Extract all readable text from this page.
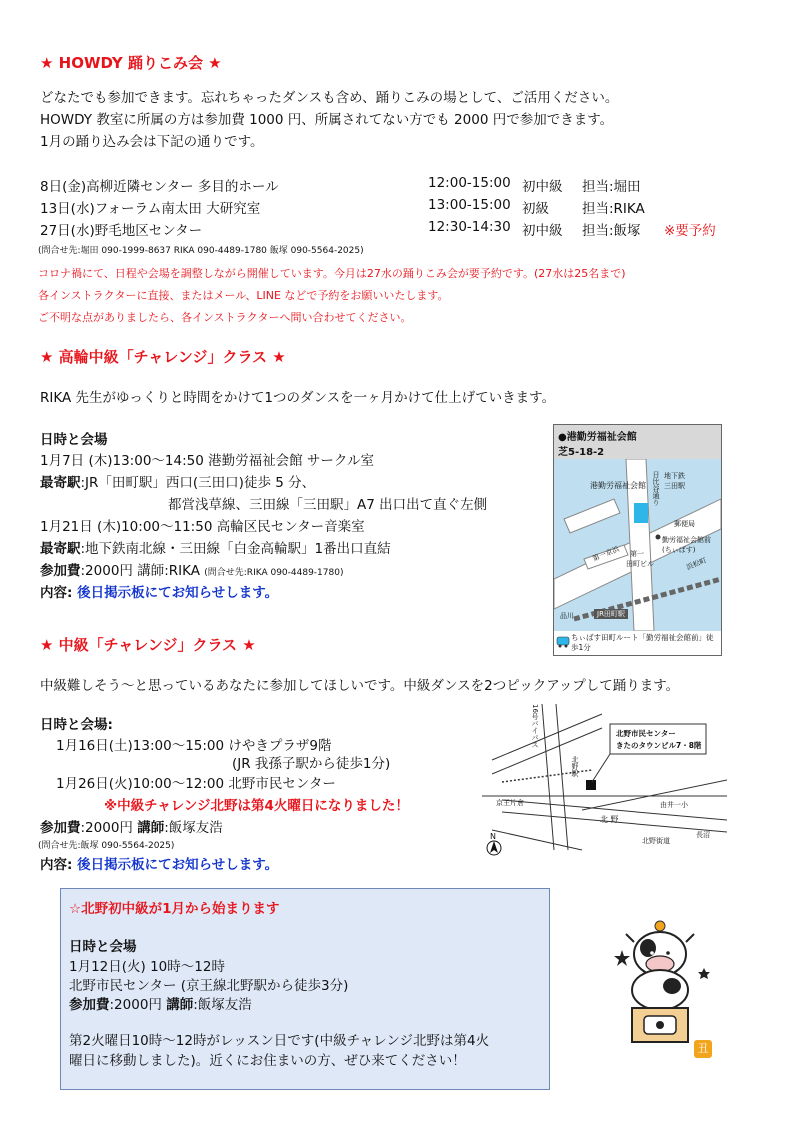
★ HOWDY 踊りこみ会 ★
どなたでも参加できます。忘れちゃったダンスも含め、踊りこみの場として、ご活用ください。
HOWDY 教室に所属の方は参加費 1000 円、所属されてない方でも 2000 円で参加できます。
1月の踊り込み会は下記の通りです。
8日(金)高柳近隣センター 多目的ホール	12:00-15:00 初中級 担当:堀田
13日(水)フォーラム南太田 大研究室	13:00-15:00 初級 担当:RIKA
27日(水)野毛地区センター	12:30-14:30 初中級 担当:飯塚 ※要予約
(問合せ先:堀田 090-1999-8637 RIKA 090-4489-1780 飯塚 090-5564-2025)
コロナ禍にて、日程や会場を調整しながら開催しています。今月は27水の踊りこみ会が要予約です。(27水は25名まで)
各インストラクターに直接、またはメール、LINE などで予約をお願いいたします。
ご不明な点がありましたら、各インストラクターへ問い合わせてください。
★ 高輪中級「チャレンジ」クラス ★
RIKA 先生がゆっくりと時間をかけて1つのダンスを一ヶ月かけて仕上げていきます。
日時と会場
1月7日 (木)13:00～14:50 港勤労福祉会館 サークル室
最寄駅:JR「田町駅」西口(三田口)徒歩 5 分、
都営浅草線、三田線「三田駅」A7 出口出て直ぐ左側
1月21日 (木)10:00～11:50 高輪区民センター音楽室
最寄駅:地下鉄南北線・三田線「白金高輪駅」1番出口直結
参加費:2000円 講師:RIKA (問合せ先:RIKA 090-4489-1780)
内容: 後日掲示板にてお知らせします。
●港勤労福祉会館
芝5-18-2
港勤労福祉会館 日比谷通り 地下鉄
三田駅
郵便局
勤労福祉会館前
(ちぃばす)
第一京浜
浜松町
第一
田町ビル
品川	JR田町駅
ちぃばす田町ルート「勤労福祉会館前」徒歩1分
★ 中級「チャレンジ」クラス ★
中級難しそう～と思っているあなたに参加してほしいです。中級ダンスを2つピックアップして踊ります。
日時と会場:
1月16日(土)13:00～15:00 けやきプラザ9階
(JR 我孫子駅から徒歩1分)
1月26日(火)10:00～12:00 北野市民センター
※中級チャレンジ北野は第4火曜日になりました！
参加費:2000円 講師:飯塚友浩
(問合せ先:飯塚 090-5564-2025)
内容: 後日掲示板にてお知らせします。
16号バイパス	北野市民センター
きたのタウンビル7・8階
北野駅
由井一小
京王片倉
北 野
北野街道
長沼
N
☆北野初中級が1月から始まります
日時と会場
1月12日(火) 10時～12時
北野市民センター (京王線北野駅から徒歩3分)
参加費:2000円 講師:飯塚友浩
第2火曜日10時～12時がレッスン日です(中級チャレンジ北野は第4火
曜日に移動しました)。近くにお住まいの方、ぜひ来てください！
丑
